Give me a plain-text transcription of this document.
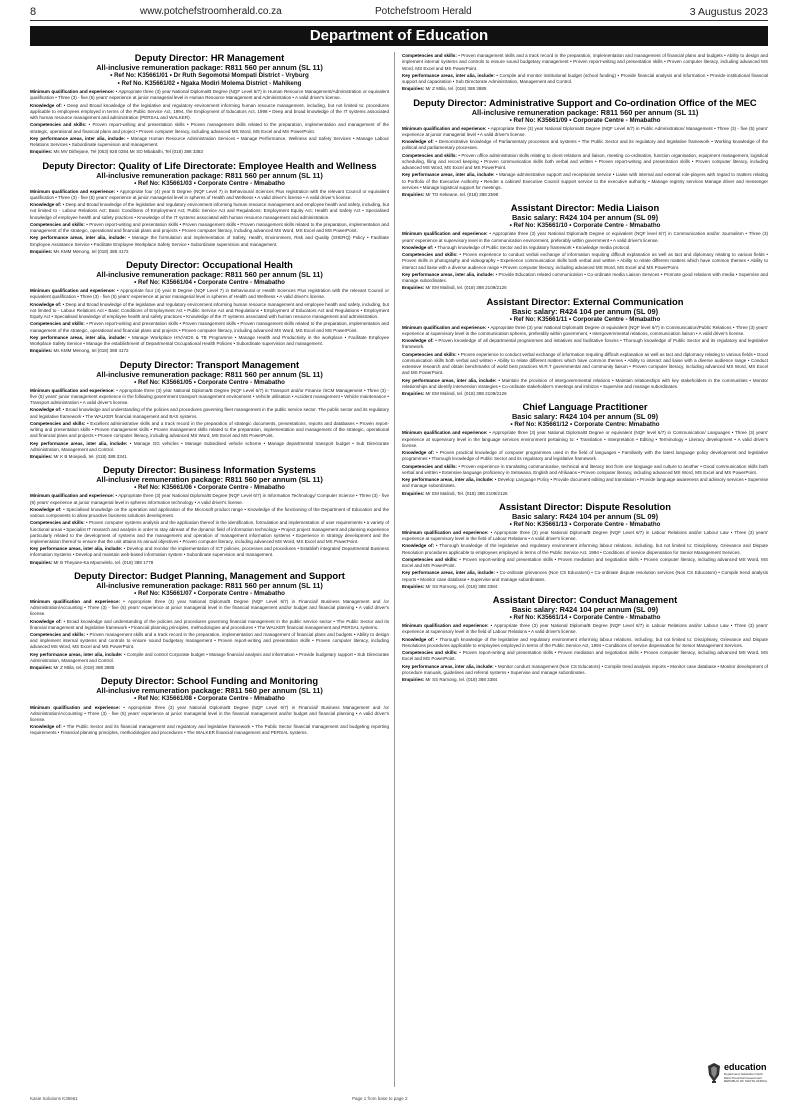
8	www.potchefstroomherald.co.za	Potchefstroom Herald	3 Augustus 2023
Department of Education
Deputy Director: HR Management
All-inclusive remuneration package: R811 560 per annum (SL 11)
• Ref No: K35661/01 • Dr Ruth Segomotsi Mompati District - Vryburg
• Ref No. K35661/02 • Ngaka Modiri Molema District - Mahikeng

Minimum qualification and experience: • Appropriate three (3) year National Diploma/B Degree (NQF Level 6/7) in Human Resource Management/Administration or equivalent qualification • Three (3) - five (5) years' experience at junior managerial level in Human Resource Management and Administration • A valid driver's license.

Knowledge of: • Deep and Broad knowledge of the legislative and regulatory environment informing human resource management, including, but not limited to: procedures applicable to employees employed in terms of the Public Service Act, 1994, the Employment of Educators Act, 1998 • Deep and broad knowledge of the IT systems associated with human resource management and administration (PERSAL and WALKER).

Competencies and skills: • Proven report-writing and presentation skills • Proven management skills related to the preparation, implementation and management of the strategic, operational and financial plans and project • Proven computer literacy, including advanced MS Word, MS Excel and MS PowerPoint.

Key performance areas, inter alia, include: • Manage Human Resource Administration Services • Manage Performance, Wellness and Safety Services • Manage Labour Relations Services • Subordinate supervision and management.

Enquiries: Ms MV Dithejane, Tel (053) 928 0284 Mr SD Mbabathi, Tel (018) 388 3383

Deputy Director: Quality of Life Directorate: Employee Health and Wellness
All-inclusive remuneration package: R811 560 per annum (SL 11)
• Ref No: K35661/03 • Corporate Centre - Mmabatho

Minimum qualification and experience: • Appropriate four (4) year B Degree (NQF Level 7) in Behavioural Sciences Plus registration with the relevant Council or equivalent qualification • Three (3) - five (5) years' experience at junior managerial level in spheres of Health and Wellness • A valid driver's license • A valid driver's license.

Knowledge of: • Deep and Broad knowledge of the legislative and regulatory environment informing human resource management and employee health and safety, including, but not limited to - Labour Relations Act; Basic Conditions of Employment Act; Public Service Act and Regulations; Employment Equity Act; Health and Safety Act • Specialised knowledge of employee health and safety practices • Knowledge of the IT systems associated with human resource management and administration.

Competencies and skills: • Proven report-writing and presentation skills • Proven management skills • Proven management skills related to the preparation, implementation and management of the strategic, operational and financial plans and projects • Proven computer literacy, including advanced MS Word, MS Excel and MS PowerPoint.

Key performance areas, inter alia, include: • Manage the formulation and implementation of Safety, Health, Environment, Risk and Quality (SHERQ) Policy • Facilitate Employee Assistance Service • Facilitate Employee Workplace Safety Service • Subordinate supervision and management.

Enquiries: Ms KMM Menong, tel (018) 388 4172

Deputy Director: Occupational Health
All-inclusive remuneration package: R811 560 per annum (SL 11)
• Ref No: K35661/04 • Corporate Centre - Mmabatho

Minimum qualification and experience: • Appropriate four (4) year B Degree (NQF Level 7) in Behavioural or Health Sciences Plus registration with the relevant Council or equivalent qualification • Three (3) - five (5) years' experience at junior managerial level in spheres of Health and Wellness • A valid driver's license.

Knowledge of: • Deep and Broad knowledge of the legislative and regulatory environment informing human resource management and employee health and safety, including, but not limited to - Labour Relations Act • Basic Conditions of Employment Act • Public Service Act and Regulations • Employment of Educators Act and Regulations • Employment Equity Act • Specialised knowledge of employee health and safety practices • Knowledge of the IT systems associated with human resource management and administration.

Competencies and skills: • Proven report-writing and presentation skills • Proven management skills • Proven management skills related to the preparation, implementation and management of the strategic, operational and financial plans and projects • Proven computer literacy, including advanced MS Word, MS Excel and MS PowerPoint.

Key performance areas, inter alia, include: • Manage Workplace HIV/AIDS & TB Programme • Manage Health and Productivity in the workplace • Facilitate Employee Workplace Safety Service • Manage the establishment of Departmental Occupational Health Policies • Subordinate supervision and management.

Enquiries: Ms KMM Menong, tel (018) 388 4172

Deputy Director: Transport Management
All-inclusive remuneration package: R811 560 per annum (SL 11)
• Ref No: K35661/05 • Corporate Centre - Mmabatho

Minimum qualification and experience: • Appropriate three (3) year National Diploma/B Degree (NQF Level 6/7) in Transport and/or Finance /SCM Management • Three (3) - five (5) years' junior management experience in the following government transport management environment • Vehicle utilisation • Accident management • Vehicle maintenance • Transport administration • A valid driver's license.

Knowledge of: • Broad knowledge and understanding of the policies and procedures governing fleet management in the public service sector. The public sector and its regulatory and legislative framework • The WALKER financial management and BAS systems.

Competencies and skills: • Excellent administrative skills and a track record in the preparation of strategic documents, presentations, reports and databases • Proven report-writing and presentation skills • Proven management skills • Proven management skills related to the preparation, implementation and management of the strategic, operational and financial plans and projects • Proven computer literacy, including advanced MS Word, MS Excel and MS PowerPoint.

Key performance areas, inter alia, include: • Manage GG vehicles • Manage Subsidised vehicle scheme • Manage departmental transport budget • Sub Directorate Administration, Management and Control.

Enquiries: Mr K B Moepedi, tel. (018) 388 3341

Deputy Director: Business Information Systems
All-inclusive remuneration package: R811 560 per annum (SL 11)
• Ref No: K35661/06 • Corporate Centre - Mmabatho

Minimum qualification and experience: • Appropriate three (3) year National Diploma/B Degree (NQF Level 6/7) in Information Technology/ Computer Science • Three (3) - five (5) years' experience at junior managerial level in spheres information technology • A valid driver's license.

Knowledge of: • Specialised knowledge on the operation and application of the Microsoft product range • Knowledge of the functioning of the Department of Education and the various components to allow proactive business solutions development.

Competencies and skills: • Proven computer systems analysis and the application thereof in the identification, formulation and implementation of user requirements • a variety of functional areas • Specialist IT research and analysis in order to stay abreast of the dynamic field of information technology • Project project management and planning experience particularly related to the development of systems and the management and operation of management information systems • Experience in strategy development and the implementation thereof to ensure that the unit attains its annual objectives • Proven computer literacy, including advanced MS Word, MS Excel and MS PowerPoint.

Key performance areas, inter alia, include: • Develop and monitor the implementation of ICT policies, processes and procedures • Establish integrated Departmental Business Information Systems • Develop and maintain web-based information system • Subordinate supervision and management.

Enquiries: Mr B Theyane-Ka Mpumelelo, tel. (018) 388 1778

Deputy Director: Budget Planning, Management and Support
All-inclusive remuneration package: R811 560 per annum (SL 11)
• Ref No: K35661/07 • Corporate Centre - Mmabatho

Minimum qualification and experience: • Appropriate three (3) year National Diploma/B Degree (NQF Level 6/7) in Financial/ Business Management and /or Administration/Accounting • Three (3) - five (5) years' experience at junior managerial level in the financial management and/or budget and financial planning • A valid driver's license.

Knowledge of: • Broad knowledge and understanding of the policies and procedures governing financial management in the public service sector • The Public Sector and its financial management and legislative framework • Financial planning principles, methodologies and procedures • The WALKER financial management and PERSAL systems.

Competencies and skills: • Proven management skills and a track record in the preparation, implementation and management of financial plans and budgets • Ability to design and implement internal systems and controls to ensure sound budgetary management • Proven report-writing and presentation skills • Proven computer literacy, including advanced MS Word, MS Excel and MS PowerPoint.

Key performance areas, inter alia, include: • Compile and control Corporate budget • Manage financial analysis and information • Provide budgetary support • Sub Directorate Administration, Management and Control.

Enquiries: Mr Z Mtila, tel. (018) 388 3885

Deputy Director: School Funding and Monitoring
All-inclusive remuneration package: R811 560 per annum (SL 11)
• Ref No: K35661/08 • Corporate Centre - Mmabatho

Minimum qualification and experience: • Appropriate three (3) year National Diploma/B Degree (NQF Level 6/7) in Financial/ Business Management and /or Administration/Accounting • Three (3) - five (5) years' experience at junior managerial level in the financial management and/or budget and financial planning • A valid driver's license.

Knowledge of: • The Public Sector and its financial management and regulatory and legislative framework • The Public Sector financial management and budgeting reporting requirements • Financial planning principles, methodologies and procedures • The WALKER financial management and PERSAL systems.

Competencies and skills: • Proven management skills and a track record in the preparation, implementation and management of financial plans and budgets • Ability to design and implement internal systems and controls to ensure sound budgetary management • Proven report-writing and presentation skills • Proven computer literacy, including advanced MS Word, MS Excel and MS PowerPoint.

Key performance areas, inter alia, include: • Compile and monitor institutional budget (school funding) • Provide financial analysis and information • Provide institutional financial support and capacitation • Sub Directorate Administration, Management and Control.

Enquiries: Mr Z Mtila, tel. (018) 388 3885

Deputy Director: Administrative Support and Co-ordination Office of the MEC
All-inclusive remuneration package: R811 560 per annum (SL 11)
• Ref No: K35661/09 • Corporate Centre - Mmabatho

Minimum qualification and experience: • Appropriate three (3) year National Diploma/B Degree (NQF Level 6/7) in Public Administration/ Management • Three (3) - five (5) years' experience at junior managerial level • A valid driver's license.

Knowledge of: • Demonstrative knowledge of Parliamentary processes and systems • The Public Sector and its regulatory and legislative framework • Working knowledge of the political and parliamentary processes.

Competencies and skills: • Proven office administration skills relating to client relations and liaison, meeting co-ordination, function organisation, equipment management, logistical scheduling, filing and record keeping • Proven communication skills both verbal and written • Proven report-writing and presentation skills • Proven computer literacy, including advanced MS Word, MS Excel and MS PowerPoint.

Key performance areas, inter alia, include: • Manage administrative support and receptionist service • Liaise with internal and external role-players with regard to matters relating to Portfolio of the Executive Authority • Render a cabinet/ Executive Council support service to the executive authority • Manage registry services Manage driver and messenger services • Manage logistical support for meetings.

Enquiries: Mr TO Kekeane, tel. (018) 388 2598

Assistant Director: Media Liaison
Basic salary: R424 104 per annum (SL 09)
• Ref No: K35661/10 • Corporate Centre - Mmabatho

Minimum qualification and experience: • Appropriate three (3) year National Diploma/B Degree or equivalent (NQF level 6/7) in Communication and/or Journalism • Three (3) years' experience at supervisory level in the communication environment, preferably within government • A valid driver's license.

Knowledge of: • Thorough knowledge of Public Sector and its regulatory framework • Knowledge media protocol.

Competencies and skills: • Proven experience to conduct verbal exchange of information requiring difficult explanation as well as tact and diplomacy relating to various fields • Proven skills in photography and videography • Experience communication skills both verbal and written • Ability to relate different matters which have common themes • Ability to interact and liaise with a diverse audience range • Proven computer literacy, including advanced MS Word, MS Excel and MS PowerPoint.

Key performance areas, inter alia, include: • Provide Education related communication • Co-ordinate media Liaison Services • Promote good relations with media • Supervise and manage subordinates.

Enquiries: Mr EM Malindi, tel. (018) 388 2109/2126

Assistant Director: External Communication
Basic salary: R424 104 per annum (SL 09)
• Ref No: K35661/11 • Corporate Centre - Mmabatho

Minimum qualification and experience: • Appropriate three (3) year National Diploma/B Degree or equivalent (NQF level 6/7) in Communication/Public Relations • Three (3) years' experience at supervisory level in the communication spheres, preferably within government, • Intergovernmental relations, communication liaison • A valid driver's license.

Knowledge of: • Proven knowledge of all departmental programmes and initiatives and facilitative forums • Thorough knowledge of Public Sector and its regulatory and legislative framework.

Competencies and skills: • Proven experience to conduct verbal exchange of information requiring difficult explanation as well as tact and diplomacy relating to various fields • Good communication skills both verbal and written • Ability to relate different matters which have common themes • Ability to interact and liaise with a diverse audience range • Conduct extensive research and obtain benchmarks of world best practices W.R.T governmental and community liaison • Proven computer literacy, including advanced MS Word, MS Excel and MS PowerPoint.

Key performance areas, inter alia, include: • Maintain the provision of intergovernmental relations • Maintain relationships with key stakeholders in the communities • Monitor relationships and identify intervention strategies • Co-ordinate stakeholder's meetings and imbizos • Supervise and manage subordinates.

Enquiries: Mr EM Malindi, tel. (018) 388 2109/2126

Chief Language Practitioner
Basic salary: R424 104 per annum (SL 09)
• Ref No: K35661/12 • Corporate Centre: Mmabatho

Minimum qualification and experience: • Appropriate three (3) year National Diploma/B Degree or equivalent (NQF level 6/7) in Communication/ Languages • Three (3) years' experience at supervisory level in the language services environment pertaining to: • Translation • Interpretation • Editing • Terminology • Literacy development • A valid driver's license.

Knowledge of: • Proven practical knowledge of computer programmes used in the field of languages • Familiarity with the latest language policy development and legislative programmes • Thorough knowledge of Public Sector and its regulatory and legislative framework.

Competencies and skills: • Proven experience in translating communicative, technical and literacy text from one language and culture to another • Good communication skills both verbal and written • Extensive language proficiency in Setswana, English and Afrikaans • Proven computer literacy, including advanced MS Word, MS Excel and MS PowerPoint.

Key performance areas, inter alia, include: • Develop Language Policy • Provide document editing and translation • Provide language awareness and advisory services • Supervise and manage subordinates.

Enquiries: Mr EM Malindi, Tel. (018) 388 2109/2126

Assistant Director: Dispute Resolution
Basic salary: R424 104 per annum (SL 09)
• Ref No: K35661/13 • Corporate Centre - Mmabatho

Minimum qualification and experience: • Appropriate three (3) year National Diploma/B Degree (NQF Level 6/7) in Labour Relations and/or Labour Law • Three (3) years' experience at supervisory level in the field of Labour Relations • A valid driver's license.

Knowledge of: • Thorough knowledge of the legislative and regulatory environment informing labour relations, including, but not limited to: Disciplinary, Grievance and Dispute Resolution procedures applicable to employees employed in terms of the Public Service Act, 1994 • Conditions of service dispensation for Senior Management Services.

Competencies and skills: • Proven report-writing and presentation skills • Proven mediation and negotiation skills • Proven computer literacy, including advanced MS Word, MS Excel and MS PowerPoint.

Key performance areas, inter alia, include: • Co-ordinate grievances (Non CS Educators) • Co-ordinate dispute resolution services (Non CS Educators) • Compile trend analysis reports • Monitor case database • Supervise and manage subordinates.

Enquiries: Mr SS Ramong, tel. (018) 388 3384

Assistant Director: Conduct Management
Basic salary: R424 104 per annum (SL 09)
• Ref No: K35661/14 • Corporate Centre - Mmabatho

Minimum qualification and experience: • Appropriate three (3) year National Diploma/B Degree (NQF Level 6/7) in Labour Relations and/or Labour Law • Three (3) years' experience at supervisory level in the field of Labour Relations • A valid driver's license.

Knowledge of: • Thorough knowledge of the legislative and regulatory environment informing labour relations, including, but not limited to: Disciplinary, Grievance and Dispute Resolutions procedures applicable to employees employed in terms of the Public Service Act, 1994 • Conditions of service dispensation for Senior Management Services.

Competencies and skills: • Proven report-writing and presentation skills • Proven mediation and negotiation skills • Proven computer literacy, including advanced MS Word, MS Excel and MS PowerPoint.

Key performance areas, inter alia, include: • Monitor conduct management (Non CS Educators) • Compile trend analysis reports • Monitor case database • Monitor development of procedure manuals, guidelines and referral systems • Supervise and manage subordinates.

Enquiries: Mr SS Ramong, tel. (018) 388 3384

education
Department: Education North West Provincial Government REPUBLIC OF SOUTH AFRICA
Kasie Solutions K35661	Page 1 from base to page 2
